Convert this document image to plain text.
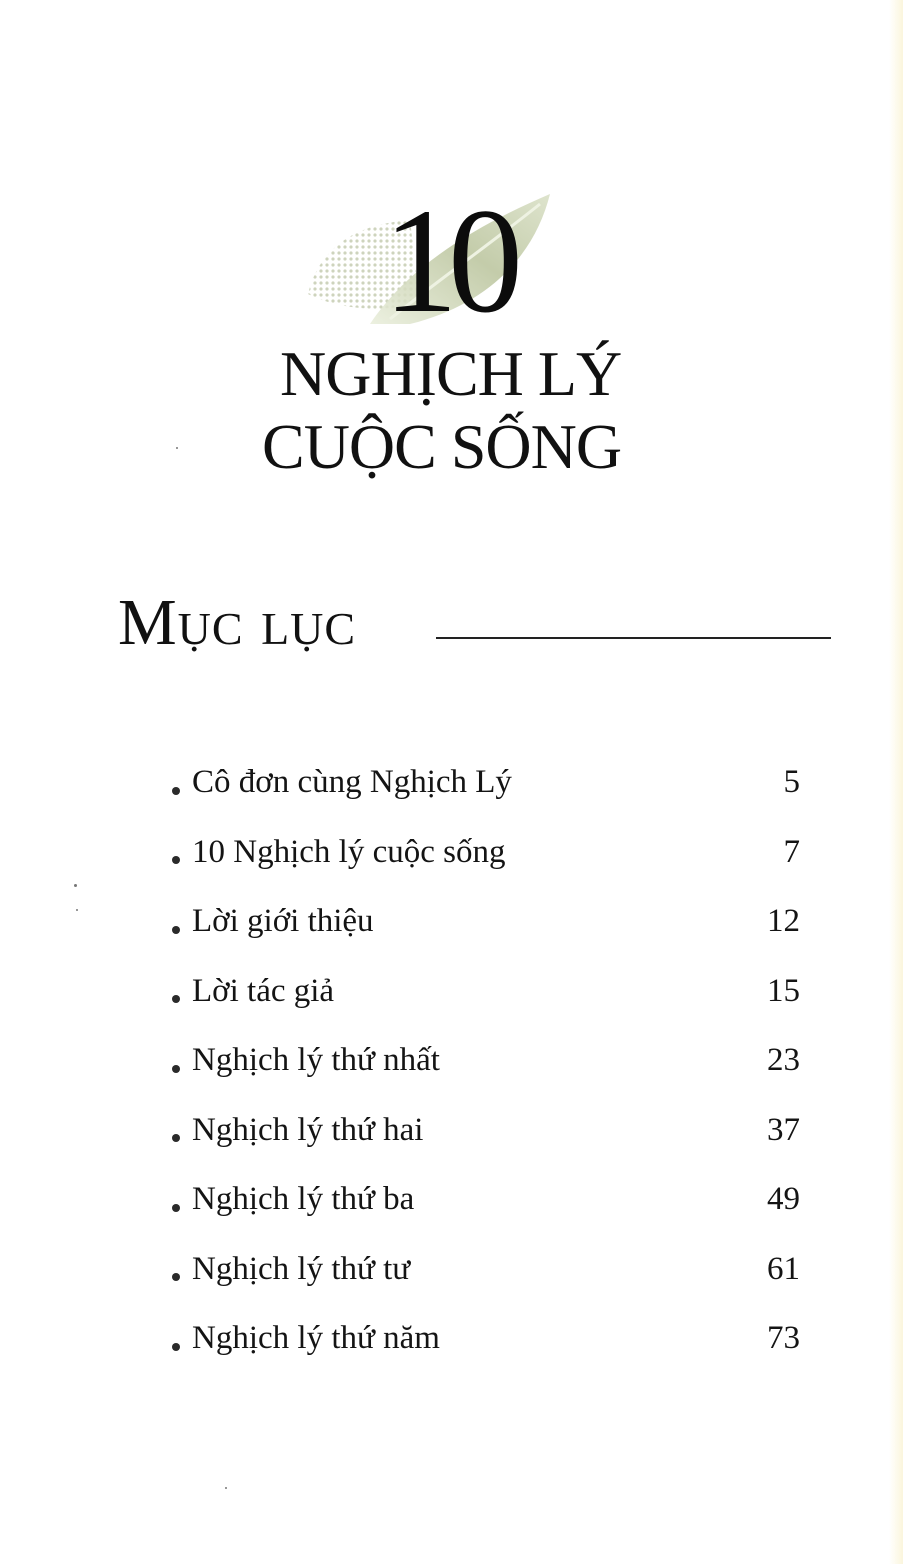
10
NGHỊCH LÝ
CUỘC SỐNG
Mục lục
Cô đơn cùng Nghịch Lý	5
10 Nghịch lý cuộc sống	7
Lời giới thiệu	12
Lời tác giả	15
Nghịch lý thứ nhất	23
Nghịch lý thứ hai	37
Nghịch lý thứ ba	49
Nghịch lý thứ tư	61
Nghịch lý thứ năm	73
